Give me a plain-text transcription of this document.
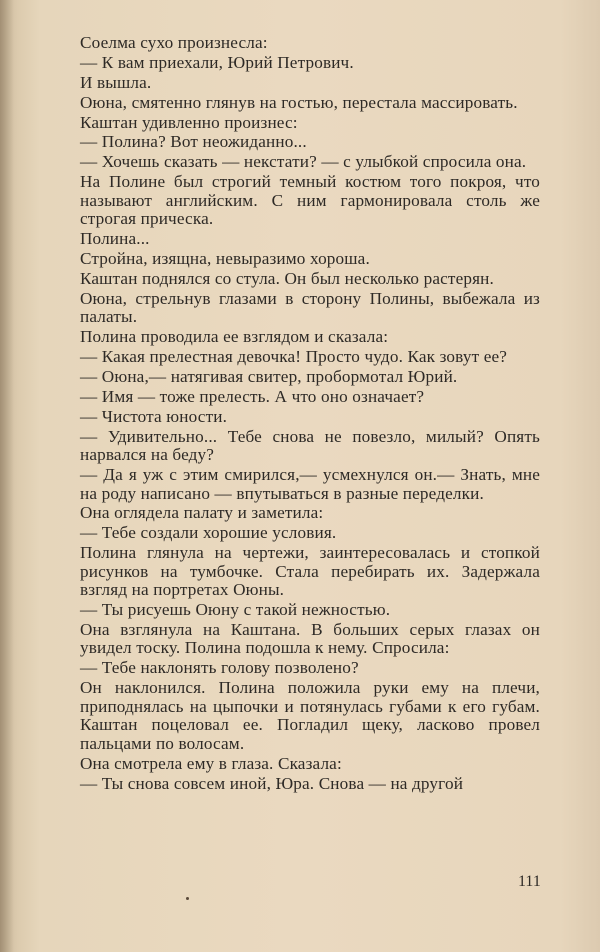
Соелма сухо произнесла:

— К вам приехали, Юрий Петрович.

И вышла.

Оюна, смятенно глянув на гостью, перестала массировать.

Каштан удивленно произнес:

— Полина? Вот неожиданно...

— Хочешь сказать — некстати? — с улыбкой спросила она.

На Полине был строгий темный костюм того покроя, что называют английским. С ним гармонировала столь же строгая прическа.

Полина...

Стройна, изящна, невыразимо хороша.

Каштан поднялся со стула. Он был несколько растерян.

Оюна, стрельнув глазами в сторону Полины, выбежала из палаты.

Полина проводила ее взглядом и сказала:

— Какая прелестная девочка! Просто чудо. Как зовут ее?

— Оюна,— натягивая свитер, пробормотал Юрий.

— Имя — тоже прелесть. А что оно означает?

— Чистота юности.

— Удивительно... Тебе снова не повезло, милый? Опять нарвался на беду?

— Да я уж с этим смирился,— усмехнулся он.— Знать, мне на роду написано — впутываться в разные переделки.

Она оглядела палату и заметила:

— Тебе создали хорошие условия.

Полина глянула на чертежи, заинтересовалась и стопкой рисунков на тумбочке. Стала перебирать их. Задержала взгляд на портретах Оюны.

— Ты рисуешь Оюну с такой нежностью.

Она взглянула на Каштана. В больших серых глазах он увидел тоску. Полина подошла к нему. Спросила:

— Тебе наклонять голову позволено?

Он наклонился. Полина положила руки ему на плечи, приподнялась на цыпочки и потянулась губами к его губам. Каштан поцеловал ее. Погладил щеку, ласково провел пальцами по волосам.

Она смотрела ему в глаза. Сказала:

— Ты снова совсем иной, Юра. Снова — на другой

111
